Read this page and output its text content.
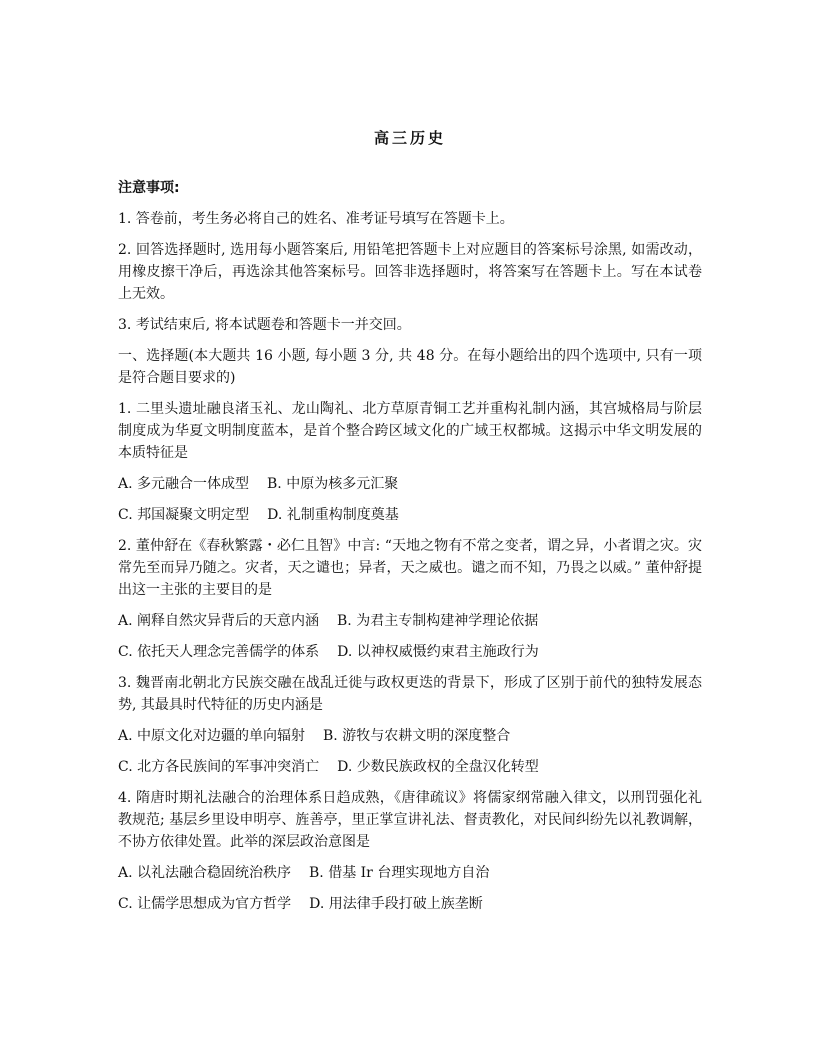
高三历史
注意事项:

1. 答卷前，考生务必将自己的姓名、准考证号填写在答题卡上。

2. 回答选择题时, 选用每小题答案后, 用铅笔把答题卡上对应题目的答案标号涂黑, 如需改动，用橡皮擦干净后，再选涂其他答案标号。回答非选择题时，将答案写在答题卡上。写在本试卷上无效。

3. 考试结束后, 将本试题卷和答题卡一并交回。

一、选择题(本大题共 16 小题, 每小题 3 分, 共 48 分。在每小题给出的四个选项中, 只有一项是符合题目要求的)

1. 二里头遗址融良渚玉礼、龙山陶礼、北方草原青铜工艺并重构礼制内涵，其宫城格局与阶层制度成为华夏文明制度蓝本，是首个整合跨区域文化的广域王权都城。这揭示中华文明发展的本质特征是

A. 多元融合一体成型 B. 中原为核多元汇聚
C. 邦国凝聚文明定型 D. 礼制重构制度奠基

2. 董仲舒在《春秋繁露・必仁且智》中言: “天地之物有不常之变者，谓之异，小者谓之灾。灾常先至而异乃随之。灾者，天之谴也；异者，天之威也。谴之而不知，乃畏之以威。” 董仲舒提出这一主张的主要目的是

A. 阐释自然灾异背后的天意内涵 B. 为君主专制构建神学理论依据
C. 依托天人理念完善儒学的体系 D. 以神权威慑约束君主施政行为

3. 魏晋南北朝北方民族交融在战乱迁徙与政权更迭的背景下，形成了区别于前代的独特发展态势, 其最具时代特征的历史内涵是

A. 中原文化对边疆的单向辐射 B. 游牧与农耕文明的深度整合
C. 北方各民族间的军事冲突消亡 D. 少数民族政权的全盘汉化转型

4. 隋唐时期礼法融合的治理体系日趋成熟，《唐律疏议》将儒家纲常融入律文，以刑罚强化礼教规范; 基层乡里设申明亭、旌善亭，里正掌宣讲礼法、督责教化，对民间纠纷先以礼教调解，不协方依律处置。此举的深层政治意图是

A. 以礼法融合稳固统治秩序 B. 借基 Ir 台理实现地方自治
C. 让儒学思想成为官方哲学 D. 用法律手段打破上族垄断
